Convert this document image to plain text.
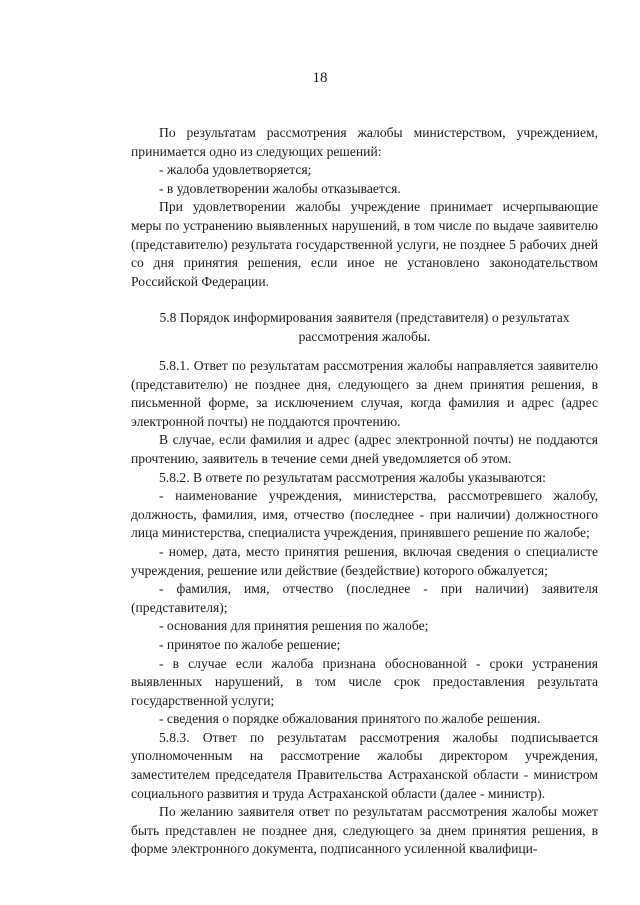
18

По результатам рассмотрения жалобы министерством, учреждением, принимается одно из следующих решений:

- жалоба удовлетворяется;

- в удовлетворении жалобы отказывается.

При удовлетворении жалобы учреждение принимает исчерпывающие меры по устранению выявленных нарушений, в том числе по выдаче заявителю (представителю) результата государственной услуги, не позднее 5 рабочих дней со дня принятия решения, если иное не установлено законодательством Российской Федерации.

5.8 Порядок информирования заявителя (представителя) о результатах
рассмотрения жалобы.

5.8.1. Ответ по результатам рассмотрения жалобы направляется заявителю (представителю) не позднее дня, следующего за днем принятия решения, в письменной форме, за исключением случая, когда фамилия и адрес (адрес электронной почты) не поддаются прочтению.

В случае, если фамилия и адрес (адрес электронной почты) не поддаются прочтению, заявитель в течение семи дней уведомляется об этом.

5.8.2. В ответе по результатам рассмотрения жалобы указываются:

- наименование учреждения, министерства, рассмотревшего жалобу, должность, фамилия, имя, отчество (последнее - при наличии) должностного лица министерства, специалиста учреждения, принявшего решение по жалобе;

- номер, дата, место принятия решения, включая сведения о специалисте учреждения, решение или действие (бездействие) которого обжалуется;

- фамилия, имя, отчество (последнее - при наличии) заявителя (представителя);

- основания для принятия решения по жалобе;

- принятое по жалобе решение;

- в случае если жалоба признана обоснованной - сроки устранения выявленных нарушений, в том числе срок предоставления результата государственной услуги;

- сведения о порядке обжалования принятого по жалобе решения.

5.8.3. Ответ по результатам рассмотрения жалобы подписывается уполномоченным на рассмотрение жалобы директором учреждения, заместителем председателя Правительства Астраханской области - министром социального развития и труда Астраханской области (далее - министр).

По желанию заявителя ответ по результатам рассмотрения жалобы может быть представлен не позднее дня, следующего за днем принятия решения, в форме электронного документа, подписанного усиленной квалифици-
